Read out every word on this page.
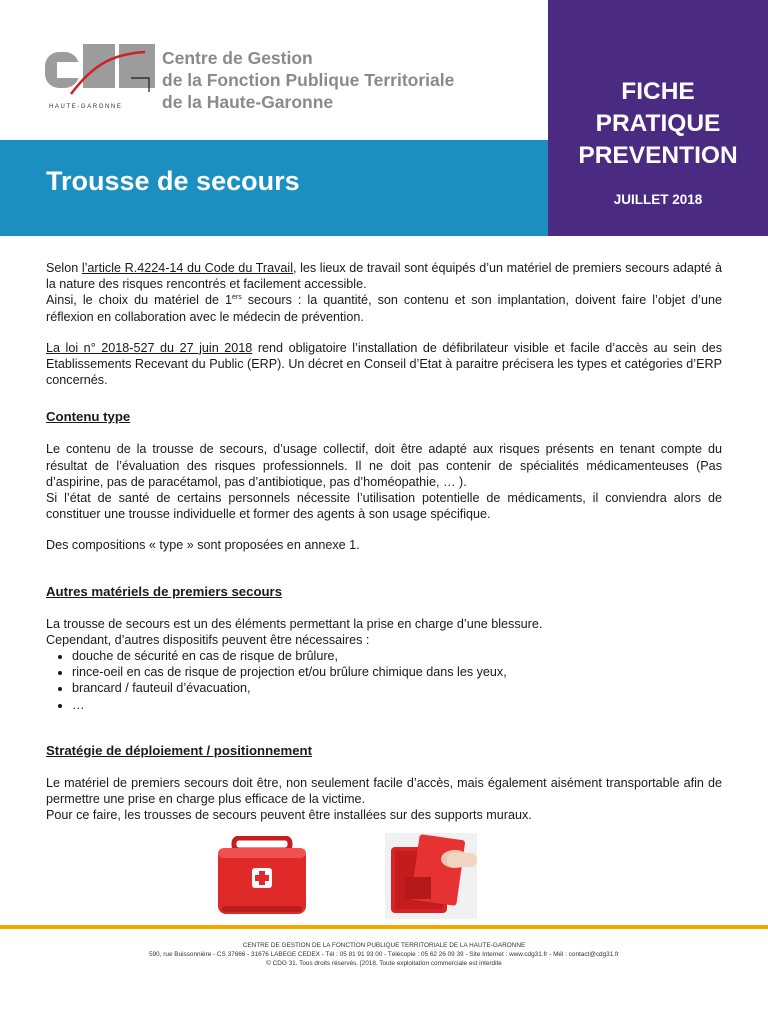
HAUTE-GARONNE
Centre de Gestion
de la Fonction Publique Territoriale
de la Haute-Garonne
Trousse de secours
FICHE
PRATIQUE
PREVENTION
JUILLET 2018

Selon l’article R.4224-14 du Code du Travail, les lieux de travail sont équipés d’un matériel de premiers secours adapté à la nature des risques rencontrés et facilement accessible.

Ainsi, le choix du matériel de 1ers secours : la quantité, son contenu et son implantation, doivent faire l’objet d’une réflexion en collaboration avec le médecin de prévention.

La loi n° 2018-527 du 27 juin 2018 rend obligatoire l’installation de défibrilateur visible et facile d’accès au sein des Etablissements Recevant du Public (ERP). Un décret en Conseil d’Etat à paraitre précisera les types et catégories d’ERP concernés.

Contenu type

Le contenu de la trousse de secours, d’usage collectif, doit être adapté aux risques présents en tenant compte du résultat de l’évaluation des risques professionnels. Il ne doit pas contenir de spécialités médicamenteuses (Pas d’aspirine, pas de paracétamol, pas d’antibiotique, pas d’homéopathie, … ).

Si l’état de santé de certains personnels nécessite l’utilisation potentielle de médicaments, il conviendra alors de constituer une trousse individuelle et former des agents à son usage spécifique.

Des compositions « type » sont proposées en annexe 1.

Autres matériels de premiers secours

La trousse de secours est un des éléments permettant la prise en charge d’une blessure.

Cependant, d’autres dispositifs peuvent être nécessaires :

• douche de sécurité en cas de risque de brûlure,
• rince-oeil en cas de risque de projection et/ou brûlure chimique dans les yeux,
• brancard / fauteuil d’évacuation,
• …
Stratégie de déploiement / positionnement

Le matériel de premiers secours doit être, non seulement facile d’accès, mais également aisément transportable afin de permettre une prise en charge plus efficace de la victime.

Pour ce faire, les trousses de secours peuvent être installées sur des supports muraux.

CENTRE DE GESTION DE LA FONCTION PUBLIQUE TERRITORIALE DE LA HAUTE-GARONNE
590, rue Buissonnière - CS 37666 - 31676 LABEGE CEDEX - Tél : 05 81 91 93 00 - Télécopie : 05 62 26 09 39 - Site Internet : www.cdg31.fr - Mél : contact@cdg31.fr
© CDG 31. Tous droits réservés. [2018. Toute exploitation commerciale est interdite
